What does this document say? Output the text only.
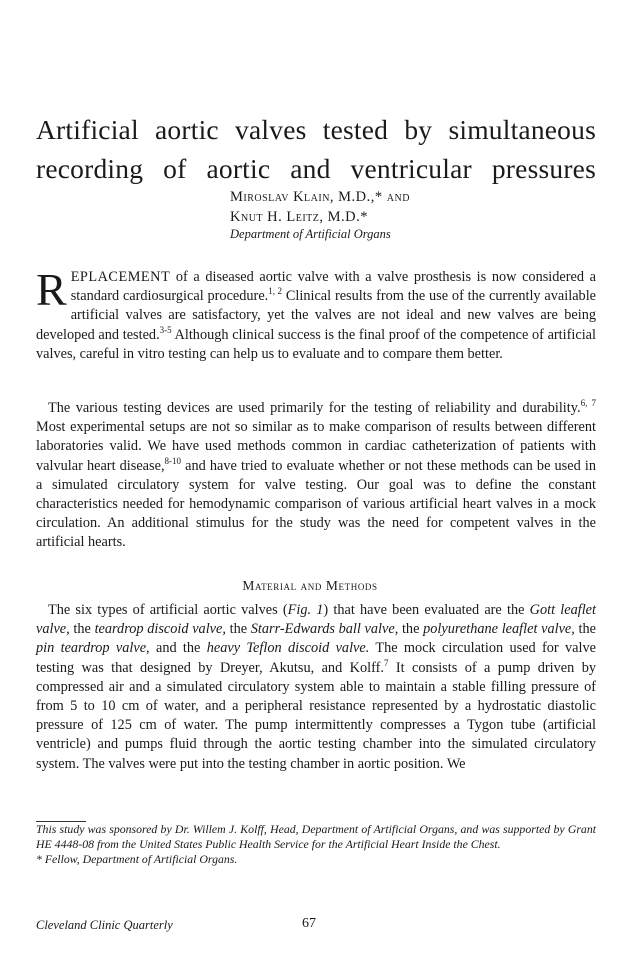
Artificial aortic valves tested by simultaneous
recording of aortic and ventricular pressures
Miroslav Klain, M.D.,* and
Knut H. Leitz, M.D.*
Department of Artificial Organs

REPLACEMENT of a diseased aortic valve with a valve prosthesis is now considered a standard cardiosurgical procedure.$^{1, 2}$ Clinical results from the use of the currently available artificial valves are satisfactory, yet the valves are not ideal and new valves are being developed and tested.$^{3-5}$ Although clinical success is the final proof of the competence of artificial valves, careful in vitro testing can help us to evaluate and to compare them better.

The various testing devices are used primarily for the testing of reliability and durability.$^{6, 7}$ Most experimental setups are not so similar as to make comparison of results between different laboratories valid. We have used methods common in cardiac catheterization of patients with valvular heart disease,$^{8-10}$ and have tried to evaluate whether or not these methods can be used in a simulated circulatory system for valve testing. Our goal was to define the constant characteristics needed for hemodynamic comparison of various artificial heart valves in a mock circulation. An additional stimulus for the study was the need for competent valves in the artificial hearts.

Material and Methods

The six types of artificial aortic valves (Fig. 1) that have been evaluated are the Gott leaflet valve, the teardrop discoid valve, the Starr-Edwards ball valve, the polyurethane leaflet valve, the pin teardrop valve, and the heavy Teflon discoid valve. The mock circulation used for valve testing was that designed by Dreyer, Akutsu, and Kolff.$^7$ It consists of a pump driven by compressed air and a simulated circulatory system able to maintain a stable filling pressure of from 5 to 10 cm of water, and a peripheral resistance represented by a hydrostatic diastolic pressure of 125 cm of water. The pump intermittently compresses a Tygon tube (artificial ventricle) and pumps fluid through the aortic testing chamber into the simulated circulatory system. The valves were put into the testing chamber in aortic position. We

This study was sponsored by Dr. Willem J. Kolff, Head, Department of Artificial Organs, and was supported by Grant HE 4448-08 from the United States Public Health Service for the Artificial Heart Inside the Chest.
* Fellow, Department of Artificial Organs.
Cleveland Clinic Quarterly	67
